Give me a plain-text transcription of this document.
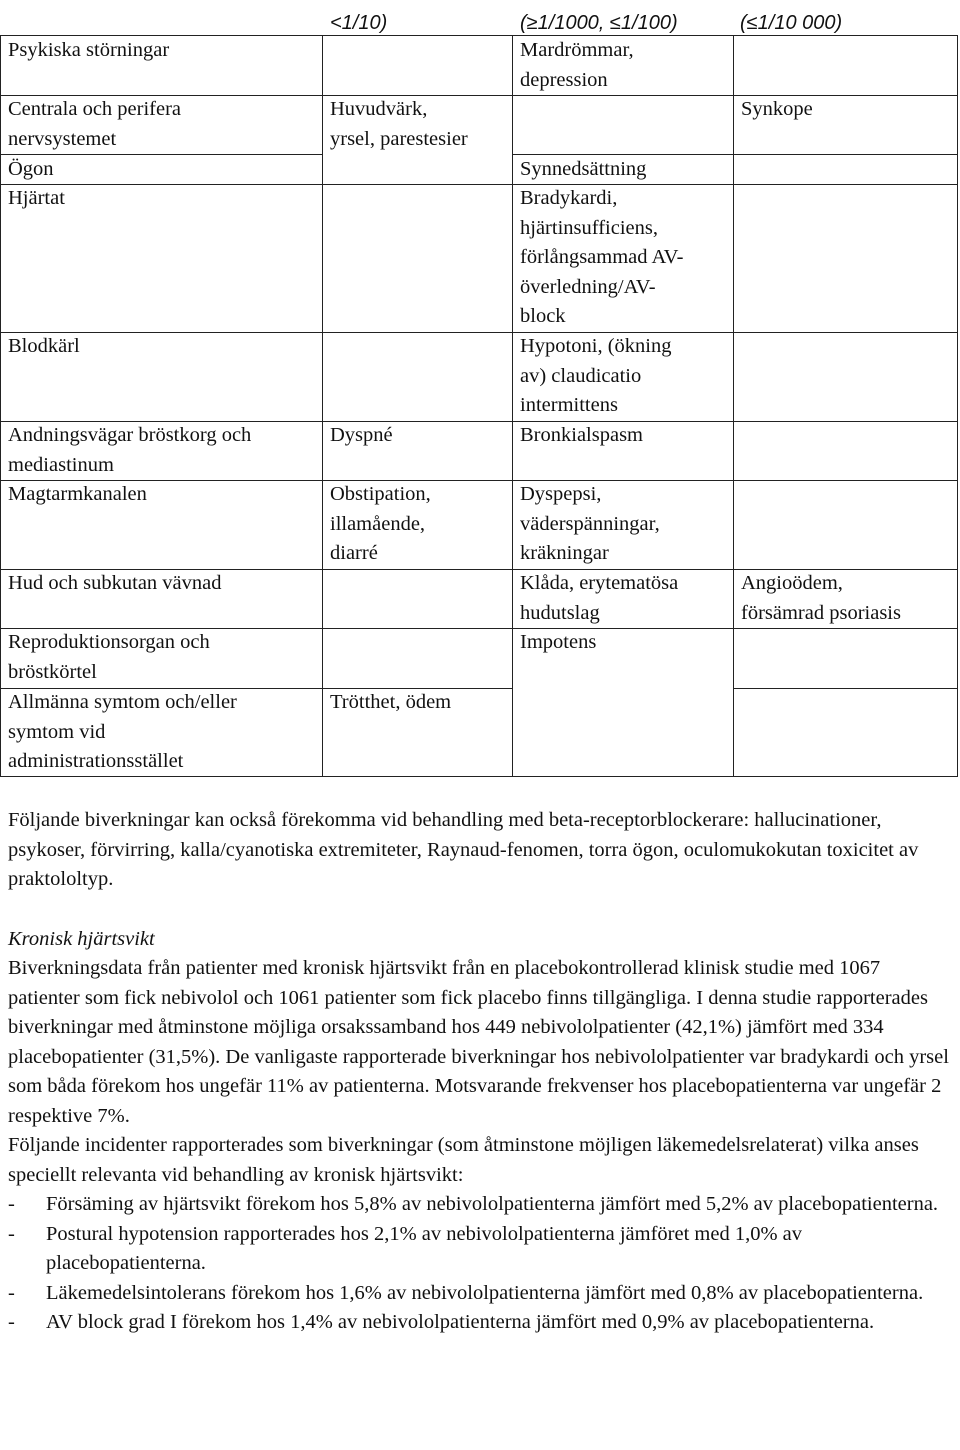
<1/10)	(≥1/1000, ≤1/100)	(≤1/10 000)
Psykiska störningar
Centrala och perifera
nervsystemet
Ögon
Hjärtat
Blodkärl
Andningsvägar bröstkorg och
mediastinum
Magtarmkanalen
Hud och subkutan vävnad
Reproduktionsorgan och
bröstkörtel
Allmänna symtom och/eller
symtom vid
administrationsstället
Huvudvärk,
yrsel, parestesier
Dyspné
Obstipation,
illamående,
diarré
Trötthet, ödem
Mardrömmar,
depression
Synnedsättning
Bradykardi,
hjärtinsufficiens,
förlångsammad AV-
överledning/AV-
block
Hypotoni, (ökning
av) claudicatio
intermittens
Bronkialspasm
Dyspepsi,
väderspänningar,
kräkningar
Klåda, erytematösa
hudutslag
Impotens
Synkope
Angioödem,
försämrad psoriasis

Följande biverkningar kan också förekomma vid behandling med beta-receptorblockerare: hallucinationer, psykoser, förvirring, kalla/cyanotiska extremiteter, Raynaud-fenomen, torra ögon, oculomukokutan toxicitet av praktololtyp.

Kronisk hjärtsvikt

Biverkningsdata från patienter med kronisk hjärtsvikt från en placebokontrollerad klinisk studie med 1067 patienter som fick nebivolol och 1061 patienter som fick placebo finns tillgängliga. I denna studie rapporterades biverkningar med åtminstone möjliga orsakssamband hos 449 nebivololpatienter (42,1%) jämfört med 334 placebopatienter (31,5%). De vanligaste rapporterade biverkningar hos nebivololpatienter var bradykardi och yrsel som båda förekom hos ungefär 11% av patienterna. Motsvarande frekvenser hos placebopatienterna var ungefär 2 respektive 7%.

Följande incidenter rapporterades som biverkningar (som åtminstone möjligen läkemedelsrelaterat) vilka anses speciellt relevanta vid behandling av kronisk hjärtsvikt:

- Försäming av hjärtsvikt förekom hos 5,8% av nebivololpatienterna jämfört med 5,2% av placebopatienterna.
- Postural hypotension rapporterades hos 2,1% av nebivololpatienterna jämföret med 1,0% av placebopatienterna.
- Läkemedelsintolerans förekom hos 1,6% av nebivololpatienterna jämfört med 0,8% av placebopatienterna.
- AV block grad I förekom hos 1,4% av nebivololpatienterna jämfört med 0,9% av placebopatienterna.
